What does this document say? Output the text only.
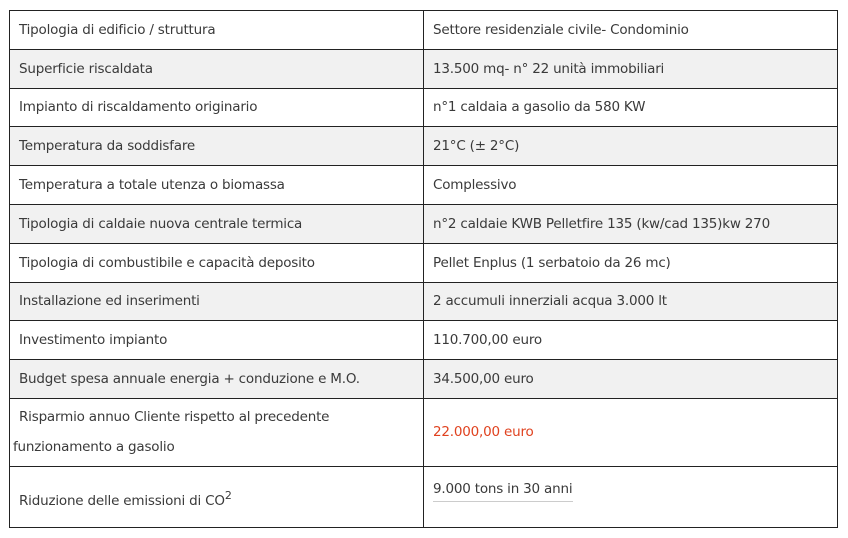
Tipologia di edificio / struttura	Settore residenziale civile- Condominio
Superficie riscaldata	13.500 mq- n° 22 unità immobiliari
Impianto di riscaldamento originario	n°1 caldaia a gasolio da 580 KW
Temperatura da soddisfare	21°C (± 2°C)
Temperatura a totale utenza o biomassa	Complessivo
Tipologia di caldaie nuova centrale termica	n°2 caldaie KWB Pelletfire 135 (kw/cad 135)kw 270
Tipologia di combustibile e capacità deposito	Pellet Enplus (1 serbatoio da 26 mc)
Installazione ed inserimenti	2 accumuli innerziali acqua 3.000 lt
Investimento impianto	110.700,00 euro
Budget spesa annuale energia + conduzione e M.O.	34.500,00 euro

Risparmio annuo Cliente rispetto al precedente
funzionamento a gasolio	22.000,00 euro
Riduzione delle emissioni di $CO^2$	9.000 tons in 30 anni
